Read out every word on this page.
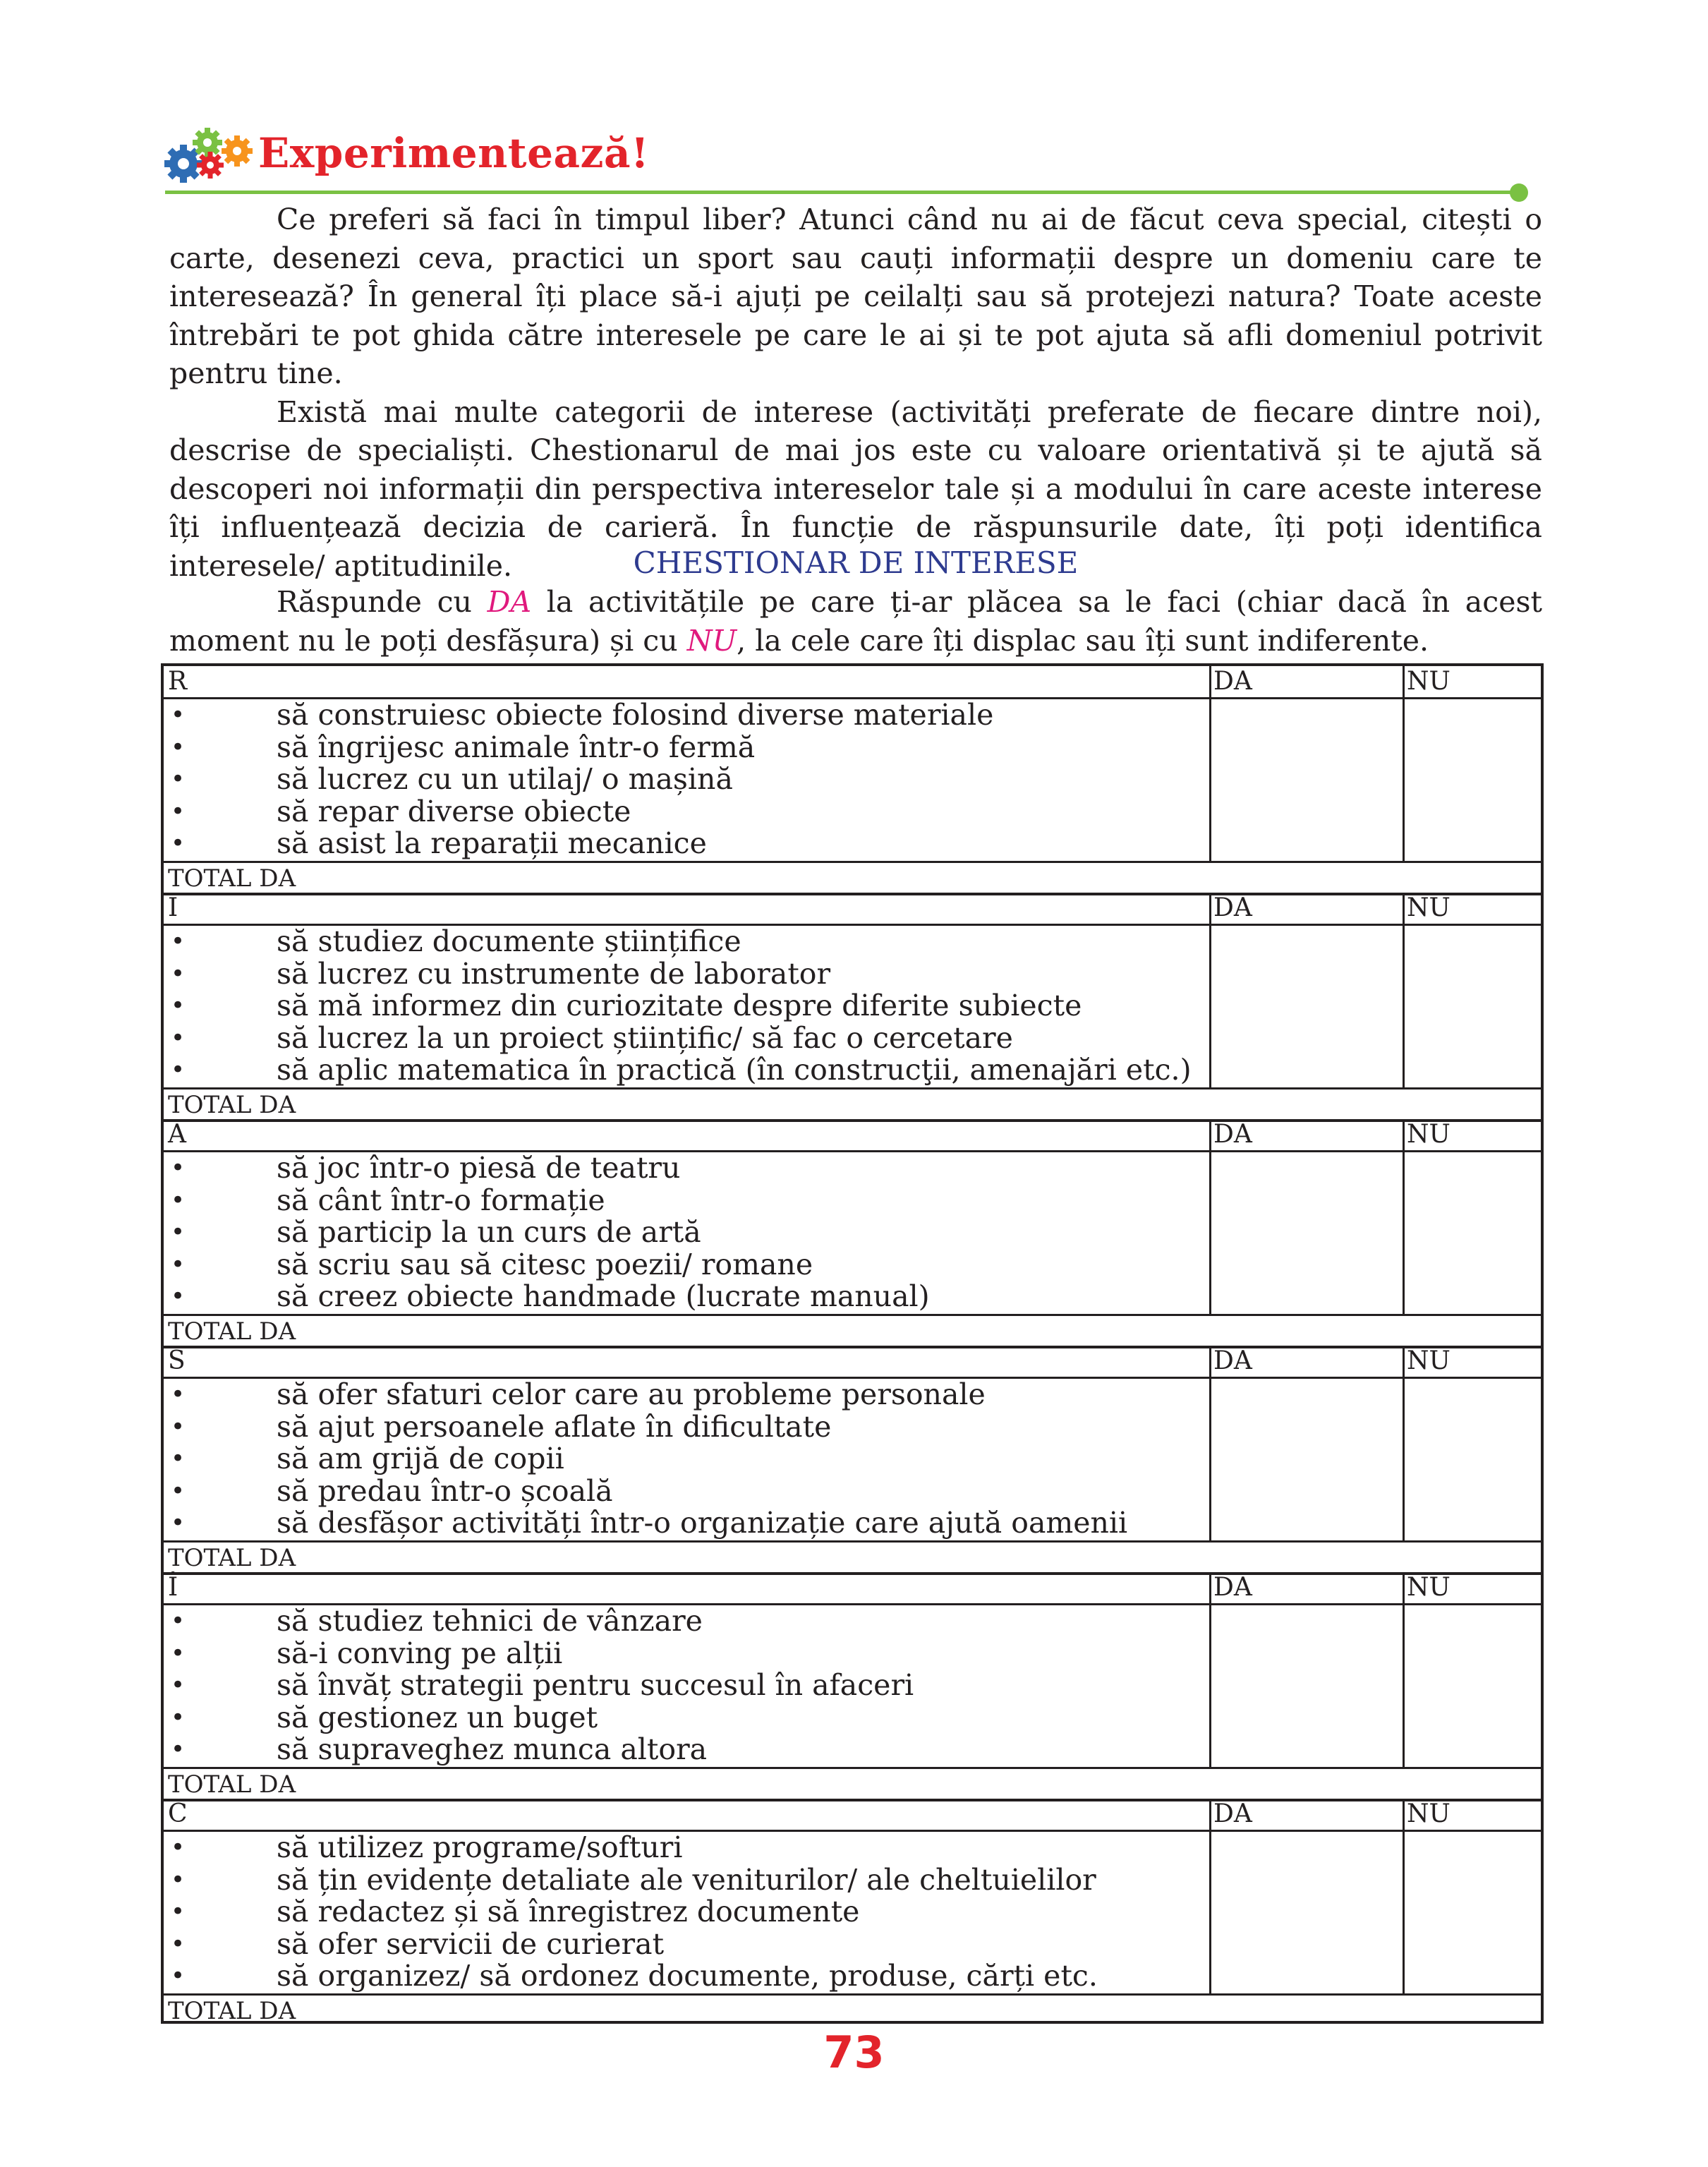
Experimentează!

Ce preferi să faci în timpul liber? Atunci când nu ai de făcut ceva special, citești o carte, desenezi ceva, practici un sport sau cauți informații despre un domeniu care te interesează? În general îți place să-i ajuți pe ceilalți sau să protejezi natura? Toate aceste întrebări te pot ghida către interesele pe care le ai și te pot ajuta să afli domeniul potrivit pentru tine.

Există mai multe categorii de interese (activități preferate de fiecare dintre noi), descrise de specialiști. Chestionarul de mai jos este cu valoare orientativă și te ajută să descoperi noi informații din perspectiva intereselor tale și a modului în care aceste interese îți influențează decizia de carieră. În funcție de răspunsurile date, îți poți identifica interesele/ aptitudinile.	CHESTIONAR DE INTERESE

Răspunde cu DA la activitățile pe care ți-ar plăcea sa le faci (chiar dacă în acest moment nu le poți desfășura) și cu NU, la cele care îți displac sau îți sunt indiferente.

R	DA	NU
•	să construiesc obiecte folosind diverse materiale
•	să îngrijesc animale într-o fermă
•	să lucrez cu un utilaj/ o mașină
•	să repar diverse obiecte
•	să asist la reparații mecanice
TOTAL DA
I	DA	NU
•	să studiez documente științifice
•	să lucrez cu instrumente de laborator
•	să mă informez din curiozitate despre diferite subiecte
•	să lucrez la un proiect științific/ să fac o cercetare
•	să aplic matematica în practică (în construcţii, amenajări etc.)
TOTAL DA
A	DA	NU
•	să joc într-o piesă de teatru
•	să cânt într-o formație
•	să particip la un curs de artă
•	să scriu sau să citesc poezii/ romane
•	să creez obiecte handmade (lucrate manual)
TOTAL DA
S	DA	NU
•	să ofer sfaturi celor care au probleme personale
•	să ajut persoanele aflate în dificultate
•	să am grijă de copii
•	să predau într-o școală
•	să desfășor activități într-o organizație care ajută oamenii
TOTAL DA
Î	DA	NU
•	să studiez tehnici de vânzare
•	să-i conving pe alții
•	să învăț strategii pentru succesul în afaceri
•	să gestionez un buget
•	să supraveghez munca altora
TOTAL DA
C	DA	NU
•	să utilizez programe/softuri
•	să țin evidențe detaliate ale veniturilor/ ale cheltuielilor
•	să redactez și să înregistrez documente
•	să ofer servicii de curierat
•	să organizez/ să ordonez documente, produse, cărți etc.
TOTAL DA
73
